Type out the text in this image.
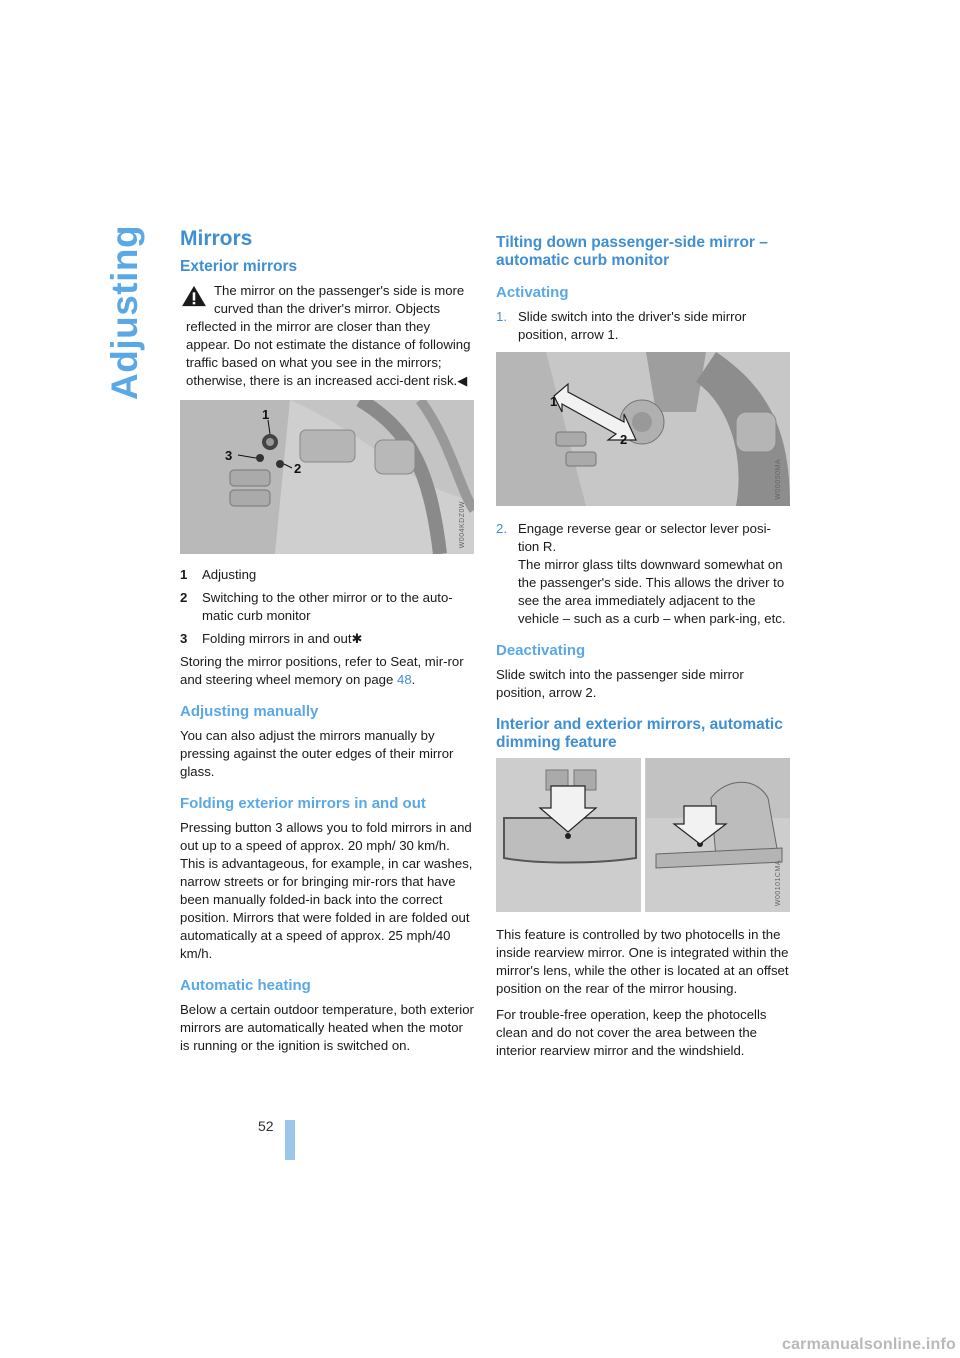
Adjusting Mirrors
Exterior mirrors

The mirror on the passenger's side is more curved than the driver's mirror. Objects reflected in the mirror are closer than they appear. Do not estimate the distance of following traffic based on what you see in the mirrors; otherwise, there is an increased acci-dent risk.◀

1
2
3
W004KDZ0W
1	Adjusting
2	Switching to the other mirror or to the auto-matic curb monitor
3	Folding mirrors in and out✱

Storing the mirror positions, refer to Seat, mir-ror and steering wheel memory on page 48.

Adjusting manually

You can also adjust the mirrors manually by pressing against the outer edges of their mirror glass.

Folding exterior mirrors in and out

Pressing button 3 allows you to fold mirrors in and out up to a speed of approx. 20 mph/ 30 km/h. This is advantageous, for example, in car washes, narrow streets or for bringing mir-rors that have been manually folded-in back into the correct position. Mirrors that were folded in are folded out automatically at a speed of approx. 25 mph/40 km/h.

Automatic heating

Below a certain outdoor temperature, both exterior mirrors are automatically heated when the motor is running or the ignition is switched on.

Tilting down passenger-side mirror – automatic curb monitor
Activating
1. Slide switch into the driver's side mirror position, arrow 1.
1
2
W00050MA
2. Engage reverse gear or selector lever posi-tion R.
The mirror glass tilts downward somewhat on the passenger's side. This allows the driver to see the area immediately adjacent to the vehicle – such as a curb – when park-ing, etc.
Deactivating

Slide switch into the passenger side mirror position, arrow 2.

Interior and exterior mirrors, automatic dimming feature
W00101CMA

This feature is controlled by two photocells in the inside rearview mirror. One is integrated within the mirror's lens, while the other is located at an offset position on the rear of the mirror housing.

For trouble-free operation, keep the photocells clean and do not cover the area between the interior rearview mirror and the windshield.

52
carmanualsonline.info
